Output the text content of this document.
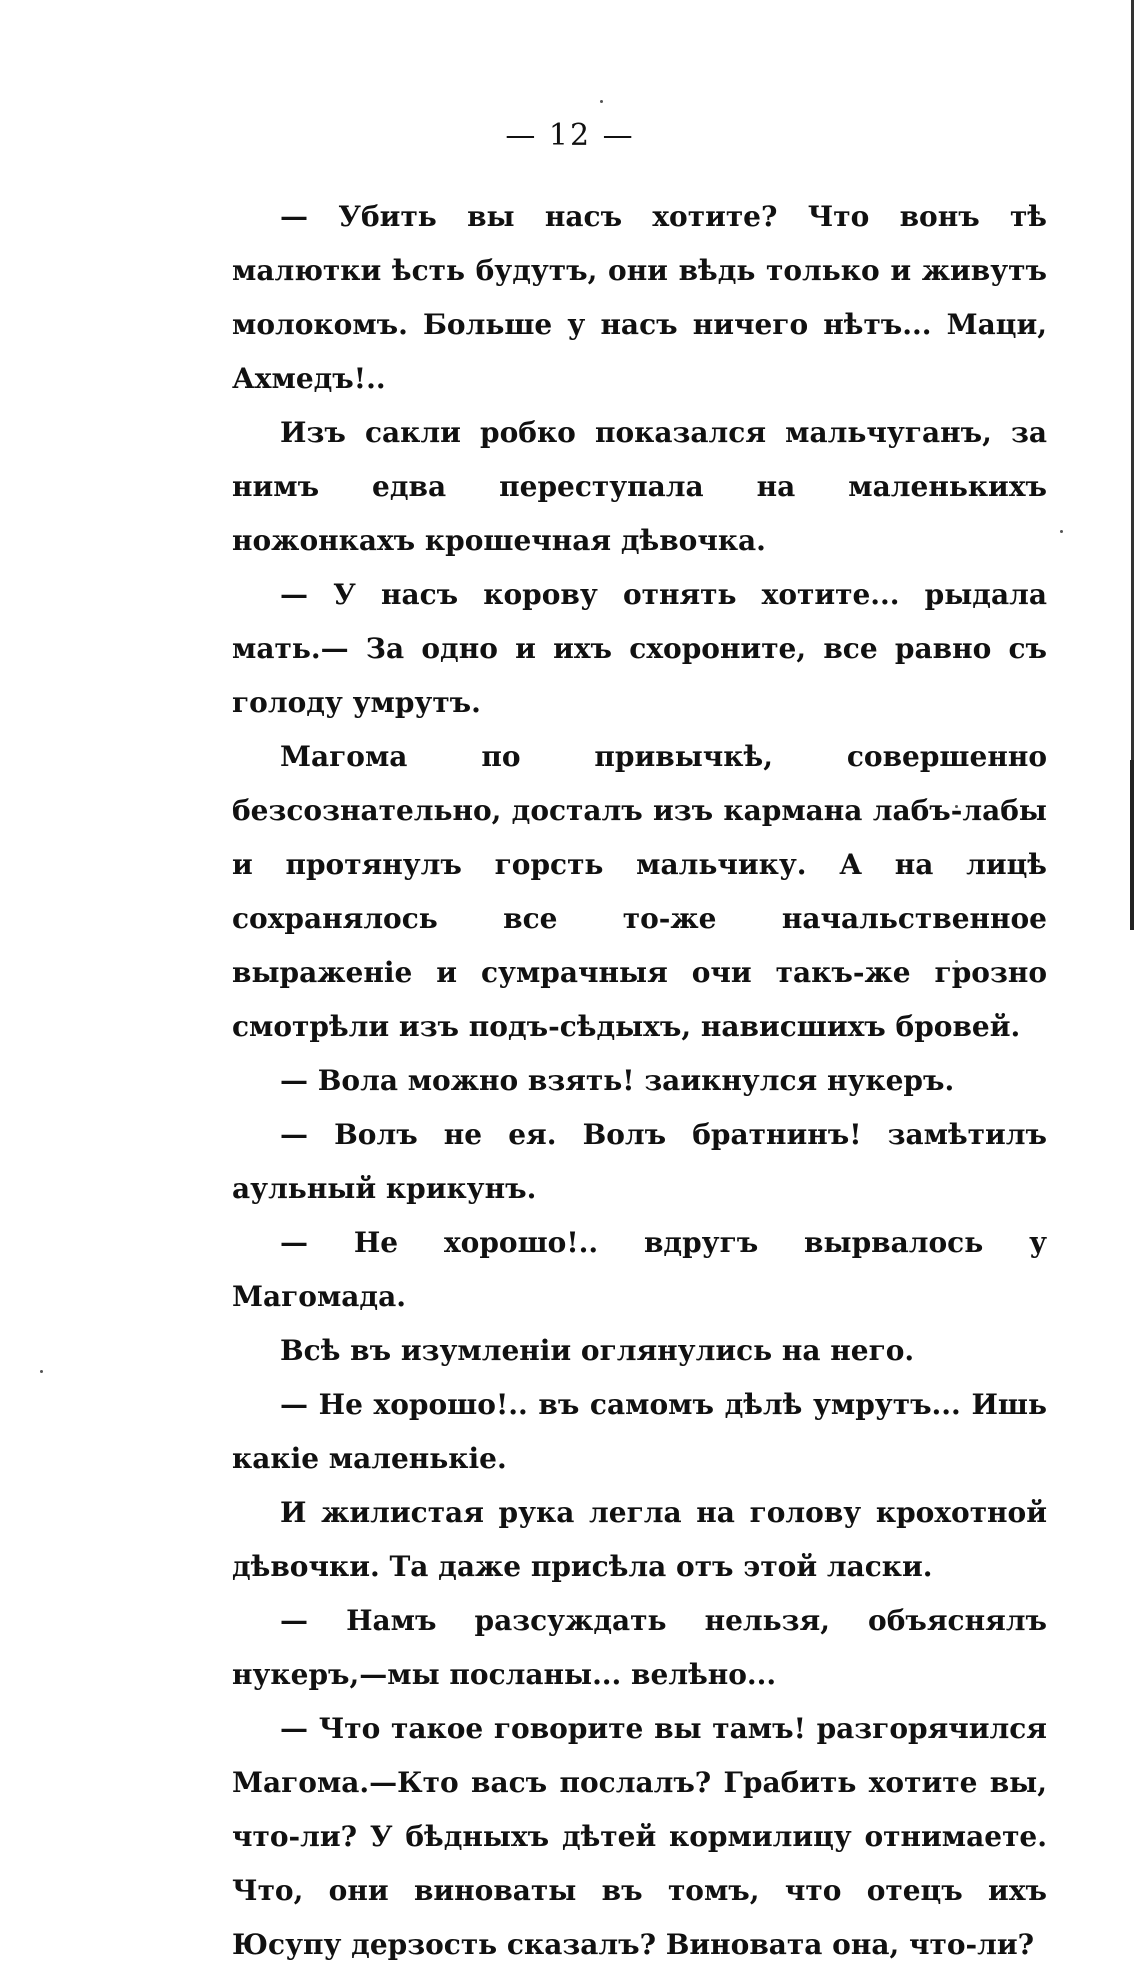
— 12 —

— Убить вы насъ хотите? Что вонъ тѣ малютки ѣсть будутъ, они вѣдь только и живутъ молокомъ. Больше у насъ ничего нѣтъ... Маци, Ахмедъ!..

Изъ сакли робко показался мальчуганъ, за нимъ едва переступала на маленькихъ ножонкахъ крошечная дѣвочка.

— У насъ корову отнять хотите... рыдала мать.— За одно и ихъ схороните, все равно съ голоду умрутъ.

Магома по привычкѣ, совершенно безсознательно, досталъ изъ кармана лабъ-лабы и протянулъ горсть мальчику. А на лицѣ сохранялось все то-же начальственное выраженіе и сумрачныя очи такъ-же грозно смотрѣли изъ подъ-сѣдыхъ, нависшихъ бровей.

— Вола можно взять! заикнулся нукеръ.

— Волъ не ея. Волъ братнинъ! замѣтилъ аульный крикунъ.

— Не хорошо!.. вдругъ вырвалось у Магомада.

Всѣ въ изумленіи оглянулись на него.

— Не хорошо!.. въ самомъ дѣлѣ умрутъ... Ишь какіе маленькіе.

И жилистая рука легла на голову крохотной дѣвочки. Та даже присѣла отъ этой ласки.

— Намъ разсуждать нельзя, объяснялъ нукеръ,—мы посланы... велѣно...

— Что такое говорите вы тамъ! разгорячился Магома.—Кто васъ послалъ? Грабить хотите вы, что-ли? У бѣдныхъ дѣтей кормилицу отнимаете. Что, они виноваты въ томъ, что отецъ ихъ Юсупу дерзость сказалъ? Виновата она, что-ли?
